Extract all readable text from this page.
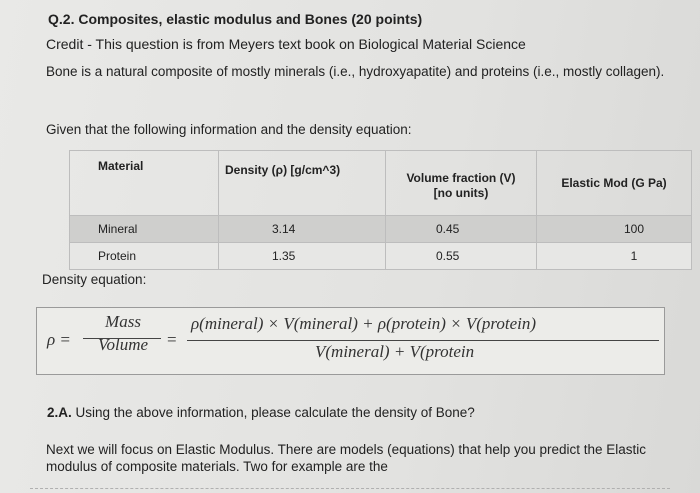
Q.2. Composites, elastic modulus and Bones (20 points)
Credit - This question is from Meyers text book on Biological Material Science
Bone is a natural composite of mostly minerals (i.e., hydroxyapatite) and proteins (i.e., mostly collagen).
Given that the following information and the density equation:
Material	Density (ρ) [g/cm^3)	Volume fraction (V) [no units)	Elastic Mod (G Pa)
Mineral	3.14	0.45	100
Protein	1.35	0.55	1
Density equation:
ρ =
Mass
Volume	=
ρ(mineral) × V(mineral) + ρ(protein) × V(protein)
V(mineral) + V(protein
2.A. Using the above information, please calculate the density of Bone?
Next we will focus on Elastic Modulus. There are models (equations) that help you predict the Elastic modulus of composite materials. Two for example are the
